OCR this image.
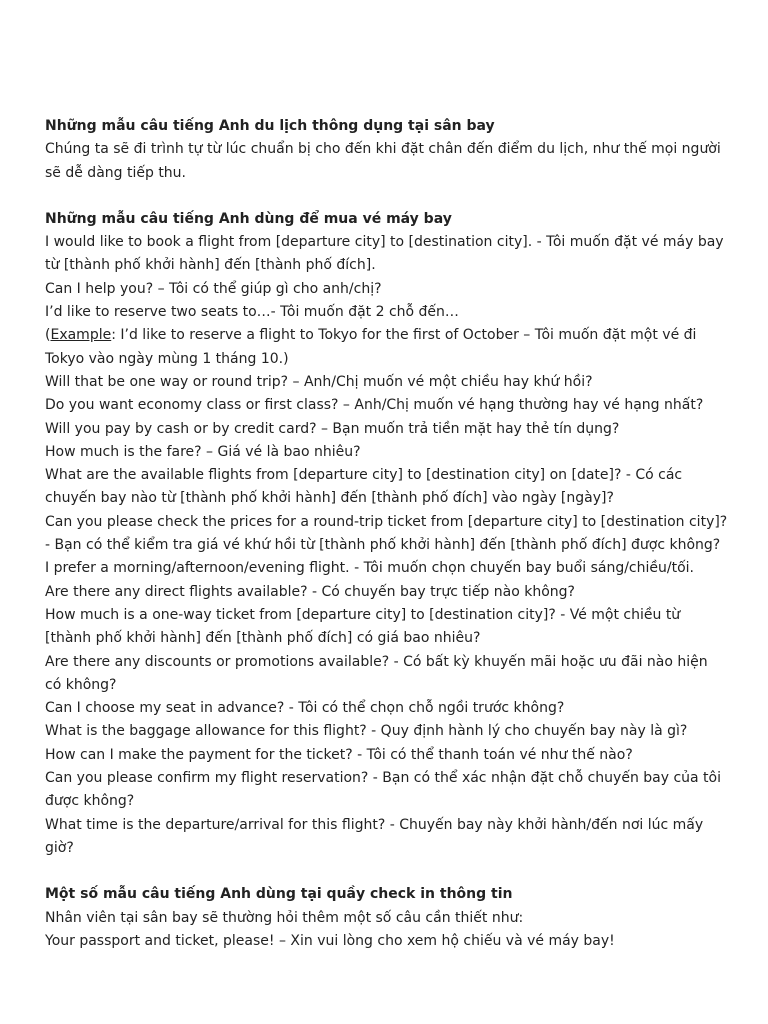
Những mẫu câu tiếng Anh du lịch thông dụng tại sân bay

Chúng ta sẽ đi trình tự từ lúc chuẩn bị cho đến khi đặt chân đến điểm du lịch, như thế mọi người sẽ dễ dàng tiếp thu.

Những mẫu câu tiếng Anh dùng để mua vé máy bay

I would like to book a flight from [departure city] to [destination city]. - Tôi muốn đặt vé máy bay từ [thành phố khởi hành] đến [thành phố đích].

Can I help you? – Tôi có thể giúp gì cho anh/chị?

I’d like to reserve two seats to…- Tôi muốn đặt 2 chỗ đến…

(Example: I’d like to reserve a flight to Tokyo for the first of October – Tôi muốn đặt một vé đi Tokyo vào ngày mùng 1 tháng 10.)

Will that be one way or round trip? – Anh/Chị muốn vé một chiều hay khứ hồi?

Do you want economy class or first class? – Anh/Chị muốn vé hạng thường hay vé hạng nhất?

Will you pay by cash or by credit card? – Bạn muốn trả tiền mặt hay thẻ tín dụng?

How much is the fare? – Giá vé là bao nhiêu?

What are the available flights from [departure city] to [destination city] on [date]? - Có các chuyến bay nào từ [thành phố khởi hành] đến [thành phố đích] vào ngày [ngày]?

Can you please check the prices for a round-trip ticket from [departure city] to [destination city]? - Bạn có thể kiểm tra giá vé khứ hồi từ [thành phố khởi hành] đến [thành phố đích] được không?

I prefer a morning/afternoon/evening flight. - Tôi muốn chọn chuyến bay buổi sáng/chiều/tối.

Are there any direct flights available? - Có chuyến bay trực tiếp nào không?

How much is a one-way ticket from [departure city] to [destination city]? - Vé một chiều từ [thành phố khởi hành] đến [thành phố đích] có giá bao nhiêu?

Are there any discounts or promotions available? - Có bất kỳ khuyến mãi hoặc ưu đãi nào hiện có không?

Can I choose my seat in advance? - Tôi có thể chọn chỗ ngồi trước không?

What is the baggage allowance for this flight? - Quy định hành lý cho chuyến bay này là gì?

How can I make the payment for the ticket? - Tôi có thể thanh toán vé như thế nào?

Can you please confirm my flight reservation? - Bạn có thể xác nhận đặt chỗ chuyến bay của tôi được không?

What time is the departure/arrival for this flight? - Chuyến bay này khởi hành/đến nơi lúc mấy giờ?

Một số mẫu câu tiếng Anh dùng tại quầy check in thông tin

Nhân viên tại sân bay sẽ thường hỏi thêm một số câu cần thiết như:

Your passport and ticket, please! – Xin vui lòng cho xem hộ chiếu và vé máy bay!
